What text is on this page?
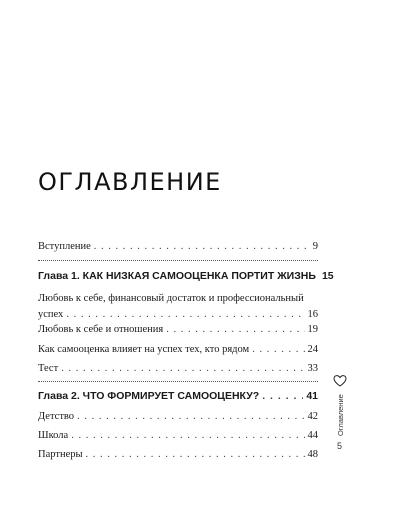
ОГЛАВЛЕНИЕ
Вступление . . .	9
Глава 1. КАК НИЗКАЯ САМООЦЕНКА ПОРТИТ ЖИЗНЬ 15
Любовь к себе, финансовый достаток и профессиональный
успех . . .	16
Любовь к себе и отношения . . .	19
Как самооценка влияет на успех тех, кто рядом . . .	24
Тест . . .	33
Глава 2. ЧТО ФОРМИРУЕТ САМООЦЕНКУ? . . .	41
Детство . . .	42
Школа . . .	44
Партнеры . . .	48
Оглавление
5
